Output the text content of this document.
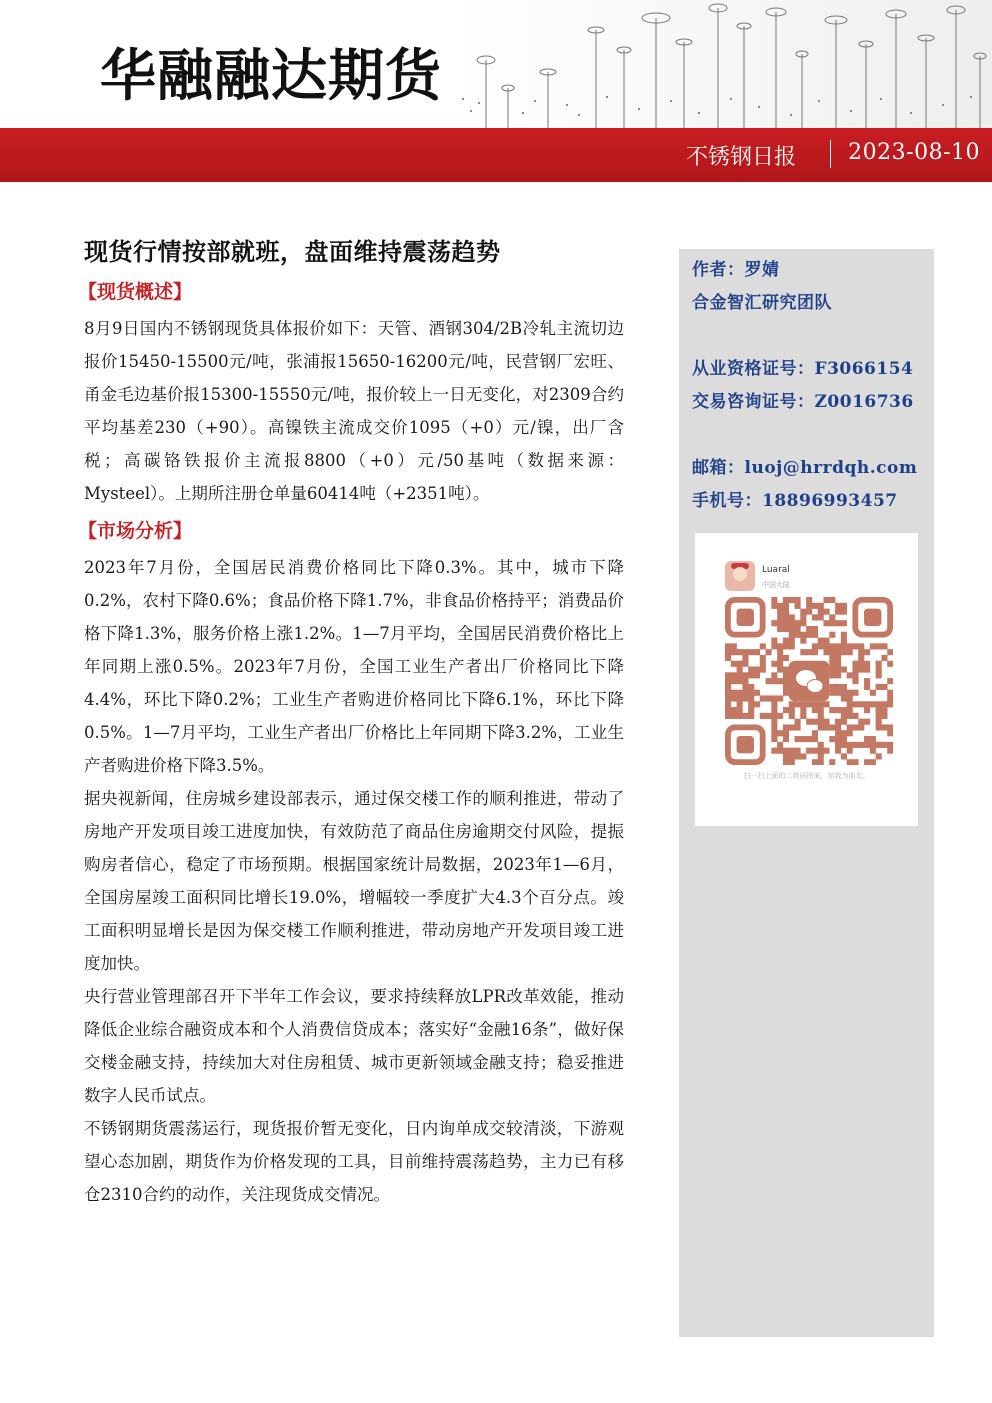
华融融达期货
不锈钢日报 2023-08-10
现货行情按部就班，盘面维持震荡趋势
【现货概述】

8月9日国内不锈钢现货具体报价如下：天管、酒钢304/2B冷轧主流切边报价15450-15500元/吨，张浦报15650-16200元/吨，民营钢厂宏旺、甬金毛边基价报15300-15550元/吨，报价较上一日无变化，对2309合约平均基差230（+90）。高镍铁主流成交价1095（+0）元/镍，出厂含税；高碳铬铁报价主流报8800（+0）元/50基吨（数据来源：Mysteel）。上期所注册仓单量60414吨（+2351吨）。

【市场分析】

2023年7月份，全国居民消费价格同比下降0.3%。其中，城市下降0.2%，农村下降0.6%；食品价格下降1.7%，非食品价格持平；消费品价格下降1.3%，服务价格上涨1.2%。1—7月平均，全国居民消费价格比上年同期上涨0.5%。2023年7月份，全国工业生产者出厂价格同比下降4.4%，环比下降0.2%；工业生产者购进价格同比下降6.1%，环比下降0.5%。1—7月平均，工业生产者出厂价格比上年同期下降3.2%，工业生产者购进价格下降3.5%。

据央视新闻，住房城乡建设部表示，通过保交楼工作的顺利推进，带动了房地产开发项目竣工进度加快，有效防范了商品住房逾期交付风险，提振购房者信心，稳定了市场预期。根据国家统计局数据，2023年1—6月，全国房屋竣工面积同比增长19.0%，增幅较一季度扩大4.3个百分点。竣工面积明显增长是因为保交楼工作顺利推进，带动房地产开发项目竣工进度加快。

央行营业管理部召开下半年工作会议，要求持续释放LPR改革效能，推动降低企业综合融资成本和个人消费信贷成本；落实好“金融16条”，做好保交楼金融支持，持续加大对住房租赁、城市更新领域金融支持；稳妥推进数字人民币试点。

不锈钢期货震荡运行，现货报价暂无变化，日内询单成交较清淡，下游观望心态加剧，期货作为价格发现的工具，目前维持震荡趋势，主力已有移仓2310合约的动作，关注现货成交情况。

作者：罗婧
合金智汇研究团队
从业资格证号：F3066154
交易咨询证号：Z0016736
邮箱：luoj@hrrdqh.com
手机号：18896993457
Luaral
中国大陆
扫一扫上面的二维码图案，加我为朋友。
